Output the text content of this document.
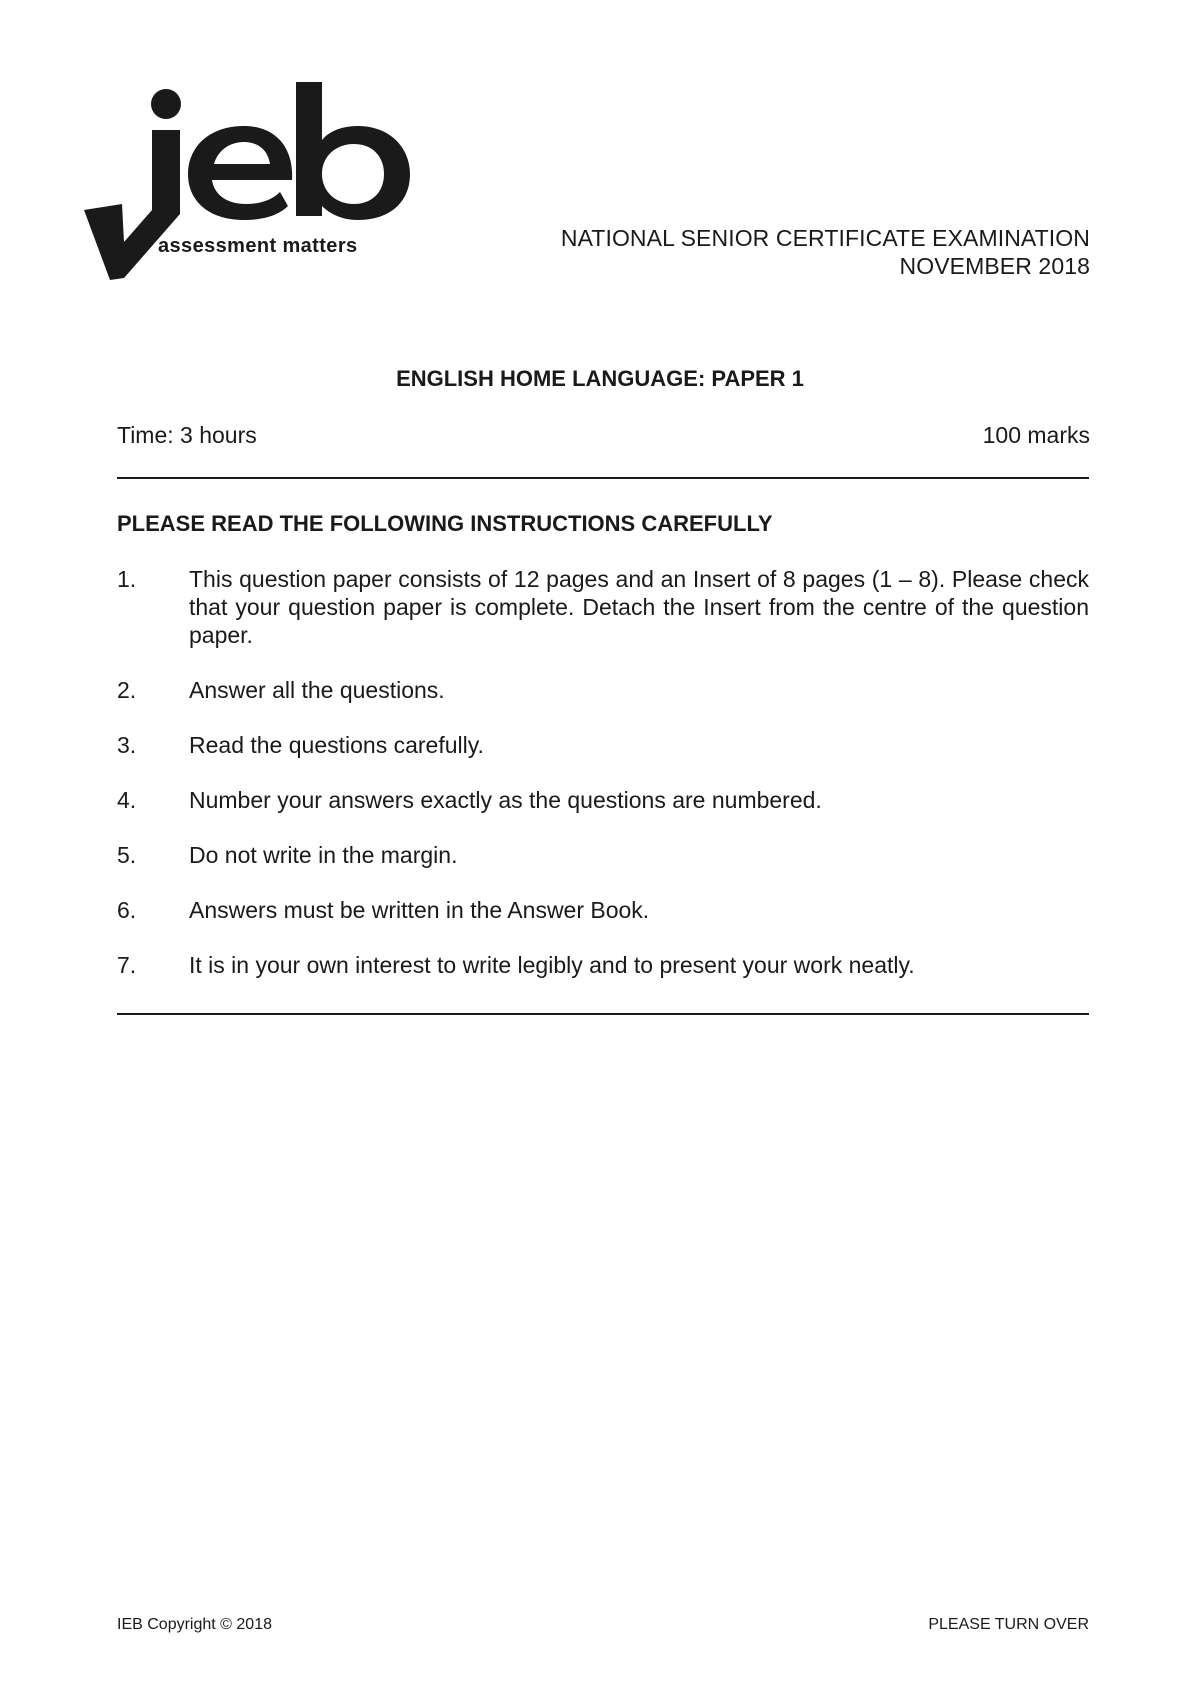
assessment matters	NATIONAL SENIOR CERTIFICATE EXAMINATION
NOVEMBER 2018
ENGLISH HOME LANGUAGE: PAPER 1
Time: 3 hours	100 marks
PLEASE READ THE FOLLOWING INSTRUCTIONS CAREFULLY
1.	This question paper consists of 12 pages and an Insert of 8 pages (1 – 8). Please check that your question paper is complete. Detach the Insert from the centre of the question paper.
2.	Answer all the questions.
3.	Read the questions carefully.
4.	Number your answers exactly as the questions are numbered.
5.	Do not write in the margin.
6.	Answers must be written in the Answer Book.
7.	It is in your own interest to write legibly and to present your work neatly.
IEB Copyright © 2018	PLEASE TURN OVER
